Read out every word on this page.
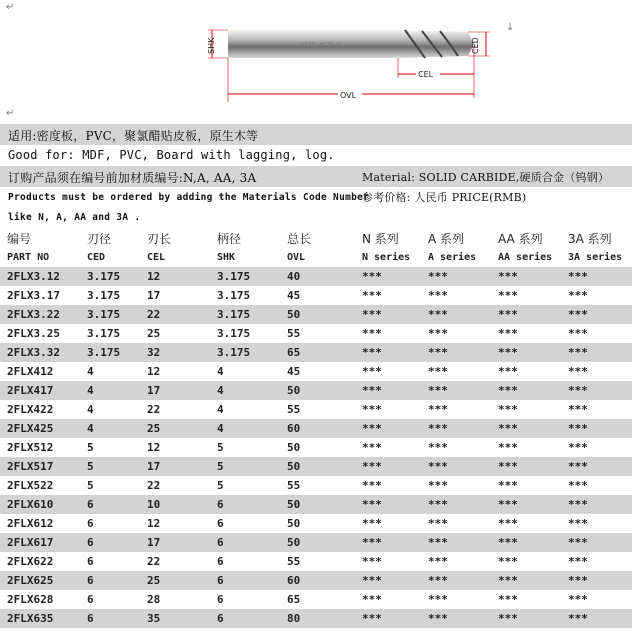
↵
↓
↵
XUS-ICTUS
SHK	CED
CEL
OVL
适用:密度板，PVC，聚氯醋贴皮板，原生木等
Good for: MDF, PVC, Board with lagging, log.
订购产品须在编号前加材质编号:N,A, AA, 3A	Material: SOLID CARBIDE,硬质合金（钨钢）
Products must be ordered by adding the Materials Code Number
参考价格: 人民币 PRICE(RMB)
like N, A, AA and 3A .
编号	刃径	刃长	柄径	总长	N 系列	A 系列	AA 系列	3A 系列
PART NO	CED	CEL	SHK	OVL	N series	A series	AA series	3A series
2FLX3.12	3.175	12	3.175	40	***	***	***	***
2FLX3.17	3.175	17	3.175	45	***	***	***	***
2FLX3.22	3.175	22	3.175	50	***	***	***	***
2FLX3.25	3.175	25	3.175	55	***	***	***	***
2FLX3.32	3.175	32	3.175	65	***	***	***	***
2FLX412	4	12	4	45	***	***	***	***
2FLX417	4	17	4	50	***	***	***	***
2FLX422	4	22	4	55	***	***	***	***
2FLX425	4	25	4	60	***	***	***	***
2FLX512	5	12	5	50	***	***	***	***
2FLX517	5	17	5	50	***	***	***	***
2FLX522	5	22	5	55	***	***	***	***
2FLX610	6	10	6	50	***	***	***	***
2FLX612	6	12	6	50	***	***	***	***
2FLX617	6	17	6	50	***	***	***	***
2FLX622	6	22	6	55	***	***	***	***
2FLX625	6	25	6	60	***	***	***	***
2FLX628	6	28	6	65	***	***	***	***
2FLX635	6	35	6	80	***	***	***	***
